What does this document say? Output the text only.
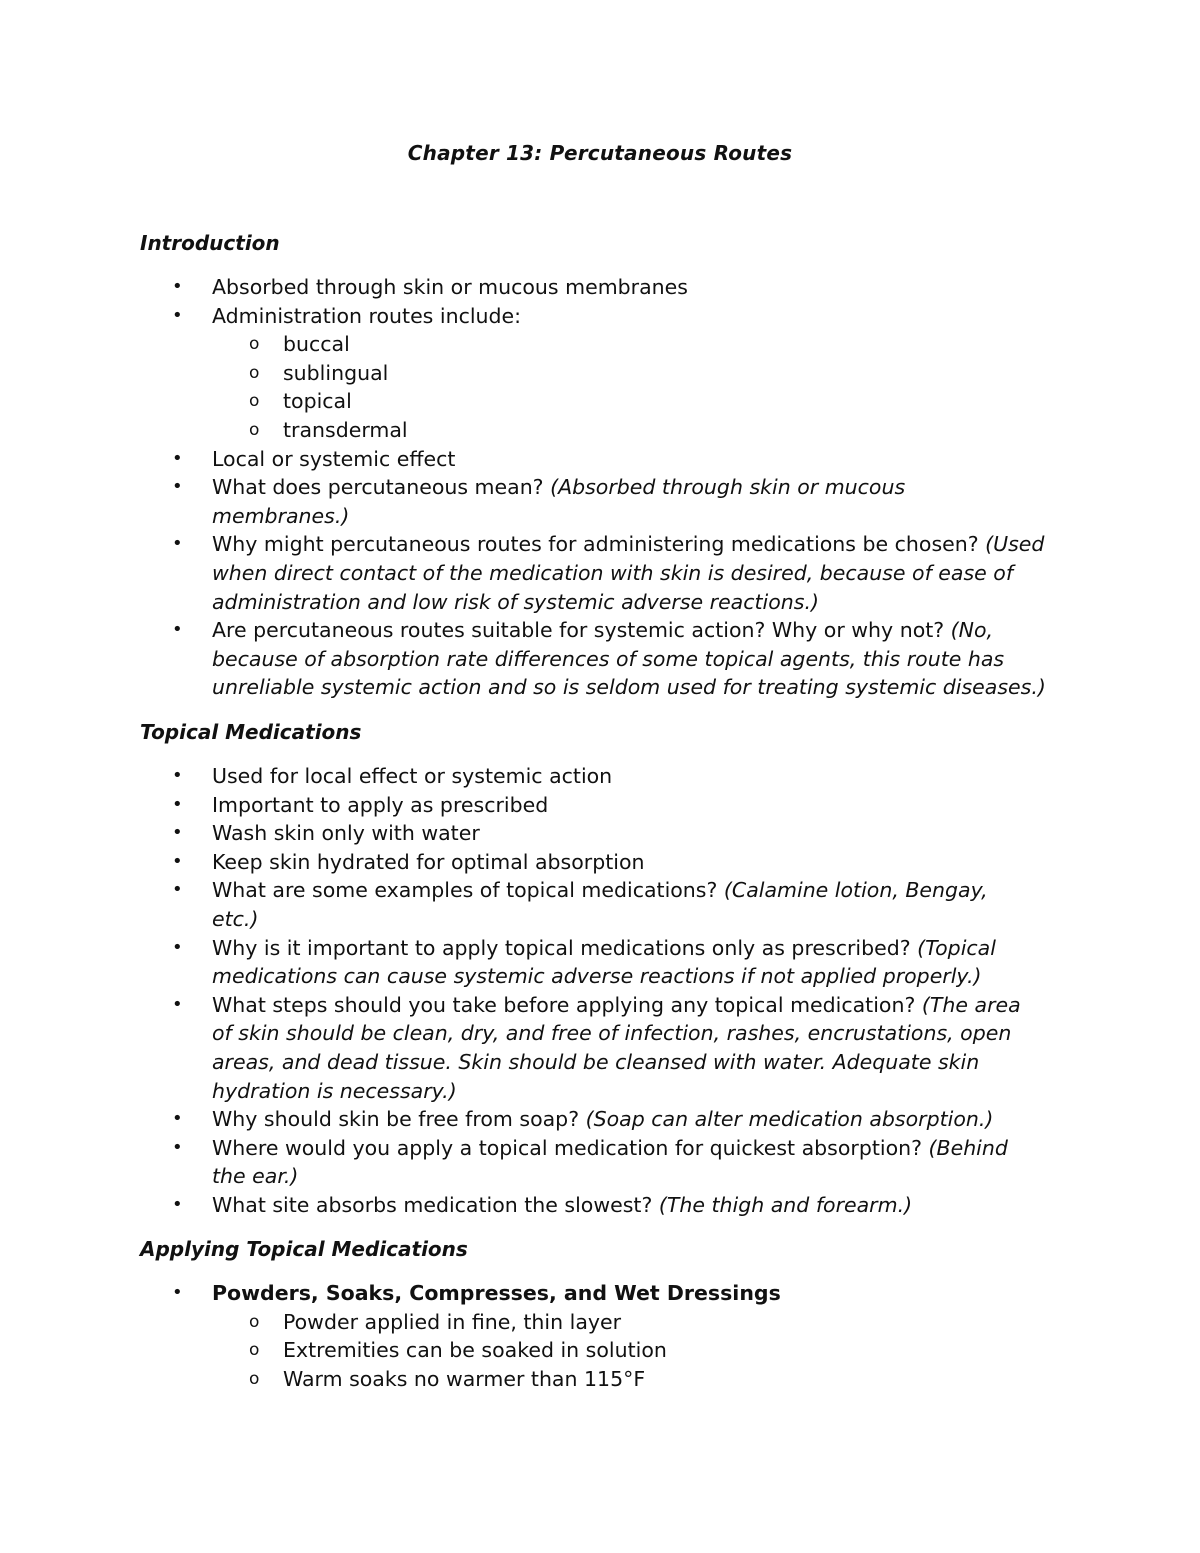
Chapter 13: Percutaneous Routes
Introduction
• Absorbed through skin or mucous membranes
• Administration routes include:
o buccal
o sublingual
o topical
o transdermal
• Local or systemic effect
• What does percutaneous mean? (Absorbed through skin or mucous
membranes.)
• Why might percutaneous routes for administering medications be chosen? (Used
when direct contact of the medication with skin is desired, because of ease of
administration and low risk of systemic adverse reactions.)
• Are percutaneous routes suitable for systemic action? Why or why not? (No,
because of absorption rate differences of some topical agents, this route has
unreliable systemic action and so is seldom used for treating systemic diseases.)
Topical Medications
• Used for local effect or systemic action
• Important to apply as prescribed
• Wash skin only with water
• Keep skin hydrated for optimal absorption
• What are some examples of topical medications? (Calamine lotion, Bengay,
etc.)
• Why is it important to apply topical medications only as prescribed? (Topical
medications can cause systemic adverse reactions if not applied properly.)
• What steps should you take before applying any topical medication? (The area
of skin should be clean, dry, and free of infection, rashes, encrustations, open
areas, and dead tissue. Skin should be cleansed with water. Adequate skin
hydration is necessary.)
• Why should skin be free from soap? (Soap can alter medication absorption.)
• Where would you apply a topical medication for quickest absorption? (Behind
the ear.)
• What site absorbs medication the slowest? (The thigh and forearm.)
Applying Topical Medications
• Powders, Soaks, Compresses, and Wet Dressings
o Powder applied in fine, thin layer
o Extremities can be soaked in solution
o Warm soaks no warmer than 115°F
